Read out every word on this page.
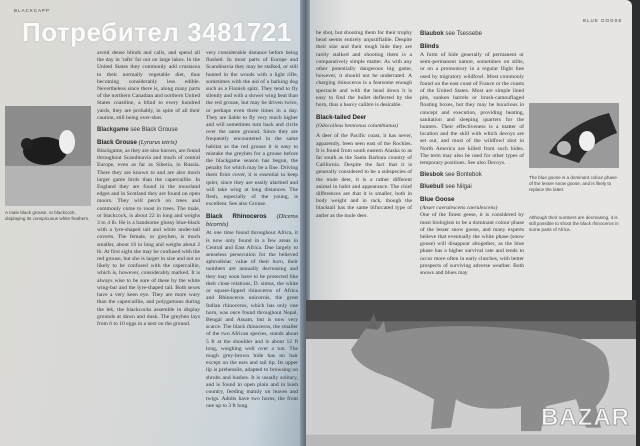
BLACKCAPP

avoid dense blinds and calls, and spend all the day in 'rafts' far out on large lakes. In the United States they commonly add crustacea to their normally vegetable diet, thus becoming considerably less edible. Nevertheless since there is, along many parts of the northern Canadian and northern United States coastline, a blind to every hundred yards, they are probably, in spite of all their caution, still being over-shot.

Blackgame see Black Grouse
Black Grouse (Lyrurus tetrix)

Blackgame, as they are also known, are found throughout Scandinavia and much of central Europe, even as far as Siberia, in Russia. There they are known to and are also much larger game birds than the capercaillie. In England they are found in the moorland edges and in Scotland they are found on open moors. They will perch on trees and commonly come to roost in trees. The male, or blackcock, is about 22 in long and weighs 3 to 4 lb. He is a handsome glossy blue-black with a lyre-shaped tail and white under-tail coverts. The female, or greyhen, is much smaller, about 16 in long and weighs about 2 lb. At first sight she may be confused with the red grouse, but she is larger in size and not so likely to be confused with the capercaillie, which is, however, considerably marked. It is always wise to be sure of these by the white wing-bar and the lyre-shaped tail. Both sexes have a very keen eye. They are more wary than the capercaillie, and polygamous during the lek, the blackcocks assemble in display grounds at dawn and dusk. The greyhen lays from 6 to 10 eggs in a nest on the ground.

A male black grouse, or blackcock, displaying its conspicuous white feathers.

very considerable distance before being flushed. In most parts of Europe and Scandinavia they may be stalked, or still hunted in the woods with a light rifle, sometimes with the aid of a barking dog such as a Finnish spitz. They tend to fly silently and with a slower wing beat than the red grouse, but may be driven twice, or perhaps even three times in a day. They are liable to fly very much higher and will sometimes turn back and circle over the same ground. Since they are frequently encountered in the same habitat as the red grouse it is easy to mistake the greyhen for a grouse before the blackgame season has begun, the penalty for which may be a fine. Driving them from cover, it is essential to keep quiet, since they are easily alarmed and will take wing at long distances. The flesh, especially of the young, is excellent. See also Grouse.

Black Rhinoceros (Diceros bicornis)

At one time found throughout Africa, it is now only found in a few areas in Central and East Africa. Due largely to senseless persecution for the believed aphrodisiac value of their horn, their numbers are annually decreasing and they may soon have to be protected like their close relations, D. simus, the white or square-lipped rhinoceros of Africa and Rhinoceros unicornis, the great Indian rhinoceros, which has only one horn, was once found throughout Nepal, Bengal and Assam, but is now very scarce. The black rhinoceros, the smaller of the two African species, stands about 5 ft at the shoulder and is about 12 ft long, weighing well over a ton. The tough grey-brown hide has no hair except on the ears and tail tip. Its upper lip is prehensile, adapted to browsing on shrubs and bushes. It is usually solitary, and is found in open plain and in bush country, feeding mainly on leaves and twigs. Adults have two horns, the front one up to 3 ft long.

BLUE GOOSE

be shot, but shooting them for their trophy head seems entirely unjustifiable. Despite their size and their tough hide they are rarely stalked and shooting them is a comparatively simple matter. As with any other potentially dangerous big game, however, it should not be underrated. A charging rhinoceros is a fearsome enough spectacle and with the head down it is easy to find the bullet deflected by the horn, thus a heavy calibre is desirable.

Black-tailed Deer

(Odocoileus hemionus columbianus)

A deer of the Pacific coast, it has never, apparently, been seen east of the Rockies. It is found from south eastern Alaska to as far south as the Santa Barbara country of California. Despite the fact that it is generally considered to be a subspecies of the mule deer, it is a rather different animal in habit and appearance. The chief differences are that it is smaller, both in body weight and in rack, though the blacktail has the same bifurcated type of antler as the mule deer.

Blaubok see Tsessebe
Blinds

A form of hide generally of permanent or semi-permanent nature, sometimes on stilts, or on a promontory in a regular flight line used by migratory wildfowl. Most commonly found on the east coast of France or the coasts of the United States. Most are simple lined pits, sunken barrels or brush-camouflaged floating boxes, but they may be luxurious in concept and execution, providing heating, sanitation and sleeping quarters for the hunters. Their effectiveness is a matter of location and the skill with which decoys are set out, and most of the wildfowl shot in North America are killed from such hides. The term may also be used for other types of temporary positions. See also Decoys.

Blesbok see Bontebok
Bluebull see Nilgai
Blue Goose

(Anser caerulescens caerulescens)

One of the finest geese, it is considered by most biologists to be a dominant colour phase of the lesser snow goose, and many experts believe that eventually the white phase (snow goose) will disappear altogether, as the blue phase has a higher survival rate and tends to occur more often in early clutches, with better prospects of surviving adverse weather. Both snows and blues may

The blue goose is a dominant colour phase of the lesser snow goose, and is likely to replace the latter.
Although their numbers are decreasing, it is still possible to shoot the black rhinoceros in some parts of Africa.
Потребител 3481721
BAZAR
